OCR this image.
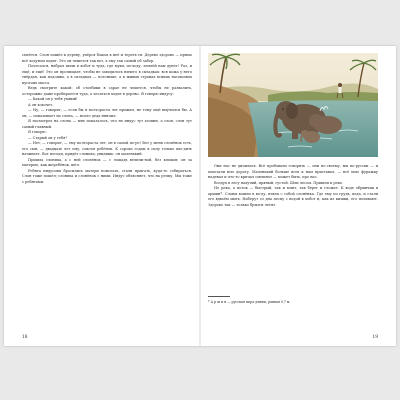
смеётся. Слон пошёл к дереву, упёрся боком в неё и тереть-ся. Дерево здорово — прямо всё ходуном ходит. Это он чешется так вот, а ему так самый об забор.

Почесался, набрал пыли в хобот и туда, где мухи, по-ходу, землёй нам дунет! Раз, и ещё, и ещё! Это он прочищает, чтобы не заводилось ничего в складках: вся кожа у него твёрдая, как подошва, а в складках — потоньше, а в живых странах всяких насекомых кусачих масса.

Ведь смотрите какой: об столбики в сарае не чешется, чтобы не развалить, осторожно даже пробирается туда, а чесаться ходит в дерево. Я говорю индусу:

— Какой он у тебя умный!

А он хохочет.

— Ну, — говорит, — если бы я полтораста лет прожил, не тому ещё выучился бы. А он, — показывает на слона, — моего деда нянчил.

Я посмотрел на слона — мне показалось, что не индус тут хозяин, а слон, слон тут самый главный.

Я говорю:

— Старый он у тебя?

— Нет, — говорит, — ему полтораста лет, он в самой по-ре! Вот у меня слонёнок есть, его сын, — двадцать лет ему, совсем ребёнок. К сорока годам в силу только вхо-дить начинает. Вот погоди, придёт слониха, увидишь: он маленький.

Пришла слониха, а с ней слонёнок — с лошадь величи-ной, без клыков; он за матерью, как жеребёнок, шёл.

Ребята индусовы бросились матери помогать, стали прыгать, куда-то собираться. Слон тоже пошёл; слониха и слонёнок с ними. Индус объясняет, что на речку. Мы тоже с ребятами.

18

Они нас не дичились. Всё пробовали говорить — они по-своему, мы по-русски — и хохотали всю дорогу. Маленький больше всех к нам приставал, — всё мою фуражку надевал и что-то кричал смешное — может быть, про нас.

Воздух в лесу пахучий, пряный, густой. Шли лесом. Пришли к реке.

Не река, а поток — быстрый, так и мчит, так берег и гложет. К воде обрывчик в аршин*. Слоны вошли в во-ду, взяли с собой слонёнка. Где ему по грудь, вода, и стали его вдвоём мыть. Наберут со дна песку с водой в хобот и, как из кишки, его поливают. Здорово так — только брызги летят.

* А р ш и н — русская мера длины, равная 0,7 м.
19
